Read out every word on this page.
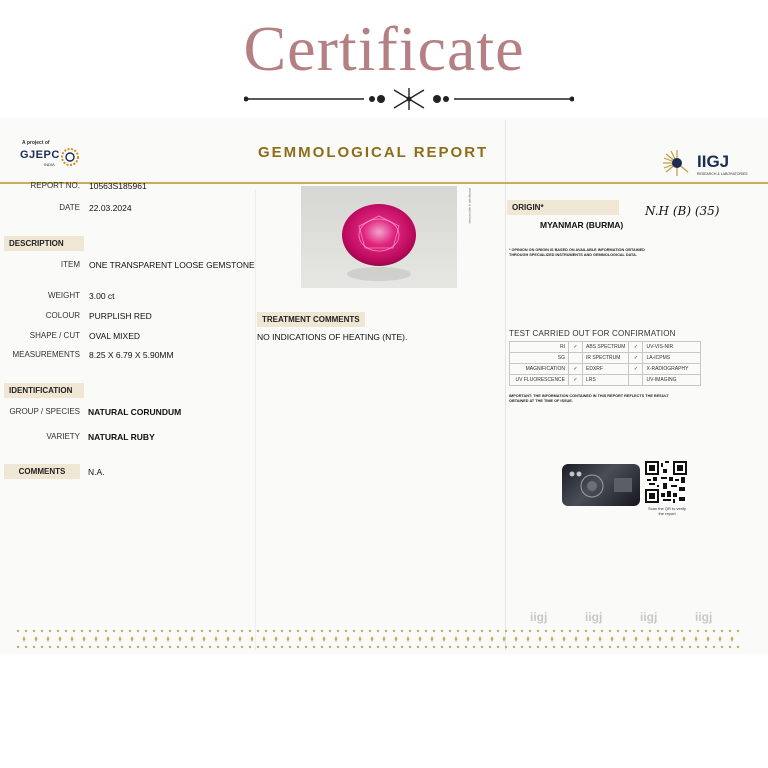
Certificate
A project of
GJEPC
INDIA
GEMMOLOGICAL REPORT	IIGJ
RESEARCH & LABORATORIES
REPORT NO. 10563S185961
DATE 22.03.2024
DESCRIPTION
ITEM ONE TRANSPARENT LOOSE GEMSTONE
WEIGHT 3.00 ct
COLOUR PURPLISH RED
SHAPE / CUT OVAL MIXED
MEASUREMENTS 8.25 X 6.79 X 5.90MM
IDENTIFICATION
GROUP / SPECIES NATURAL CORUNDUM
VARIETY NATURAL RUBY
COMMENTS	N.A.
photograph is approximate
TREATMENT COMMENTS
NO INDICATIONS OF HEATING (NTE).
ORIGIN*
MYANMAR (BURMA)
* OPINION ON ORIGIN IS BASED ON AVAILABLE INFORMATION OBTAINED THROUGH SPECIALIZED INSTRUMENTS AND GEMMOLOGICAL DATA.
N.H (B) (35)
TEST CARRIED OUT FOR CONFIRMATION
RI	✓	ABS SPECTRUM	✓	UV-VIS-NIR
SG		IR SPECTRUM	✓	LA-ICPMS
MAGNIFICATION	✓	EDXRF	✓	X-RADIOGRAPHY
UV FLUORESCENCE	✓	LRS		UV-IMAGING
IMPORTANT: THE INFORMATION CONTAINED IN THIS REPORT REFLECTS THE RESULT OBTAINED AT THE TIME OF ISSUE.
Scan the QR to verify the report
iigj	iigj	iigj	iigj
